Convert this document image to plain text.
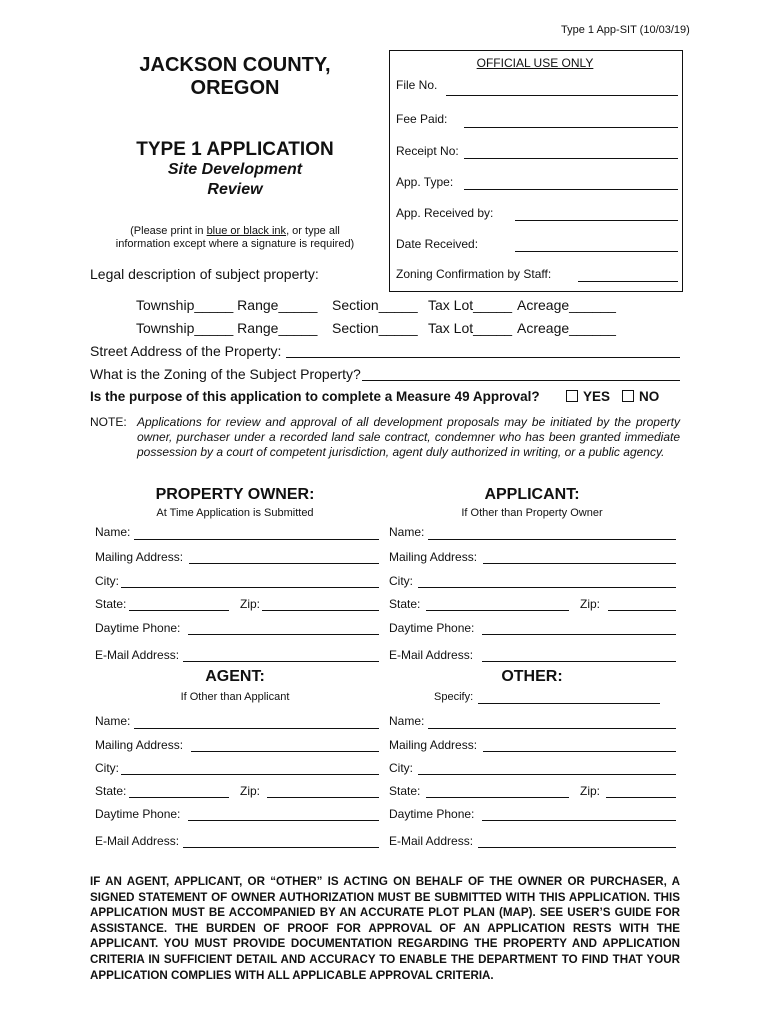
Type 1 App-SIT (10/03/19)
JACKSON COUNTY,
OREGON
TYPE 1 APPLICATION
Site Development
Review
(Please print in blue or black ink, or type all
information except where a signature is required)
OFFICIAL USE ONLY
File No.
Fee Paid:
Receipt No:
App. Type:
App. Received by:
Date Received:
Zoning Confirmation by Staff:
Legal description of subject property:
Township_____ Range_____ Section_____ Tax Lot_____ Acreage______
Township_____ Range_____ Section_____ Tax Lot_____ Acreage______
Street Address of the Property:
What is the Zoning of the Subject Property?
Is the purpose of this application to complete a Measure 49 Approval?	YES	NO
NOTE: Applications for review and approval of all development proposals may be initiated by the property owner, purchaser under a recorded land sale contract, condemner who has been granted immediate possession by a court of competent jurisdiction, agent duly authorized in writing, or a public agency.
PROPERTY OWNER:
At Time Application is Submitted
APPLICANT:
If Other than Property Owner
Name:
Mailing Address:
City:
State:	Zip:
Daytime Phone:
E-Mail Address:
Name:
Mailing Address:
City:
State:	Zip:
Daytime Phone:
E-Mail Address:
AGENT:
If Other than Applicant
OTHER:
Specify:
Name:
Mailing Address:
City:
State:	Zip:
Daytime Phone:
E-Mail Address:
Name:
Mailing Address:
City:
State:	Zip:
Daytime Phone:
E-Mail Address:
IF AN AGENT, APPLICANT, OR “OTHER” IS ACTING ON BEHALF OF THE OWNER OR PURCHASER, A SIGNED STATEMENT OF OWNER AUTHORIZATION MUST BE SUBMITTED WITH THIS APPLICATION. THIS APPLICATION MUST BE ACCOMPANIED BY AN ACCURATE PLOT PLAN (MAP). SEE USER’S GUIDE FOR ASSISTANCE. THE BURDEN OF PROOF FOR APPROVAL OF AN APPLICATION RESTS WITH THE APPLICANT. YOU MUST PROVIDE DOCUMENTATION REGARDING THE PROPERTY AND APPLICATION CRITERIA IN SUFFICIENT DETAIL AND ACCURACY TO ENABLE THE DEPARTMENT TO FIND THAT YOUR APPLICATION COMPLIES WITH ALL APPLICABLE APPROVAL CRITERIA.
